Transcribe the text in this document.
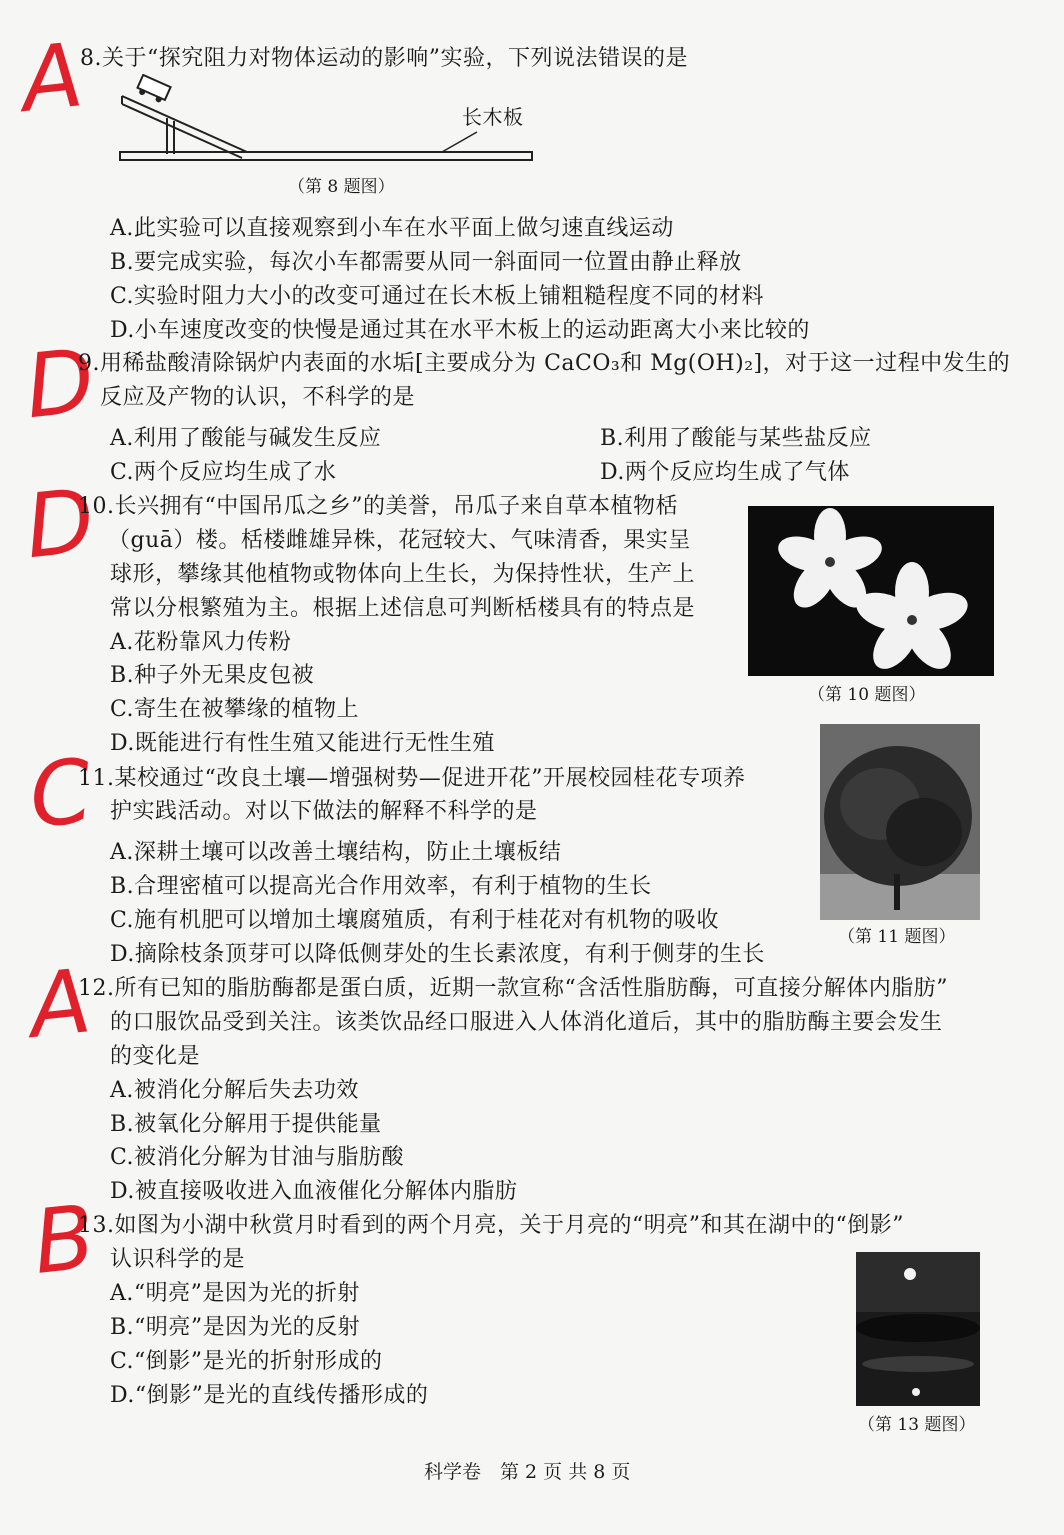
A
D
D
C
A
B
8.关于“探究阻力对物体运动的影响”实验，下列说法错误的是
长木板
（第 8 题图）
A.此实验可以直接观察到小车在水平面上做匀速直线运动
B.要完成实验，每次小车都需要从同一斜面同一位置由静止释放
C.实验时阻力大小的改变可通过在长木板上铺粗糙程度不同的材料
D.小车速度改变的快慢是通过其在水平木板上的运动距离大小来比较的
9.用稀盐酸清除锅炉内表面的水垢[主要成分为 CaCO₃和 Mg(OH)₂]，对于这一过程中发生的
反应及产物的认识，不科学的是
A.利用了酸能与碱发生反应	B.利用了酸能与某些盐反应
C.两个反应均生成了水	D.两个反应均生成了气体
10.长兴拥有“中国吊瓜之乡”的美誉，吊瓜子来自草本植物栝
（guā）楼。栝楼雌雄异株，花冠较大、气味清香，果实呈
球形，攀缘其他植物或物体向上生长，为保持性状，生产上
常以分根繁殖为主。根据上述信息可判断栝楼具有的特点是
A.花粉靠风力传粉
B.种子外无果皮包被
C.寄生在被攀缘的植物上
D.既能进行有性生殖又能进行无性生殖
（第 10 题图）
11.某校通过“改良土壤—增强树势—促进开花”开展校园桂花专项养
护实践活动。对以下做法的解释不科学的是
A.深耕土壤可以改善土壤结构，防止土壤板结
B.合理密植可以提高光合作用效率，有利于植物的生长
C.施有机肥可以增加土壤腐殖质，有利于桂花对有机物的吸收
D.摘除枝条顶芽可以降低侧芽处的生长素浓度，有利于侧芽的生长
（第 11 题图）
12.所有已知的脂肪酶都是蛋白质，近期一款宣称“含活性脂肪酶，可直接分解体内脂肪”
的口服饮品受到关注。该类饮品经口服进入人体消化道后，其中的脂肪酶主要会发生
的变化是
A.被消化分解后失去功效
B.被氧化分解用于提供能量
C.被消化分解为甘油与脂肪酸
D.被直接吸收进入血液催化分解体内脂肪
13.如图为小湖中秋赏月时看到的两个月亮，关于月亮的“明亮”和其在湖中的“倒影”
认识科学的是
A.“明亮”是因为光的折射
B.“明亮”是因为光的反射
C.“倒影”是光的折射形成的
D.“倒影”是光的直线传播形成的
（第 13 题图）
科学卷　第 2 页 共 8 页
